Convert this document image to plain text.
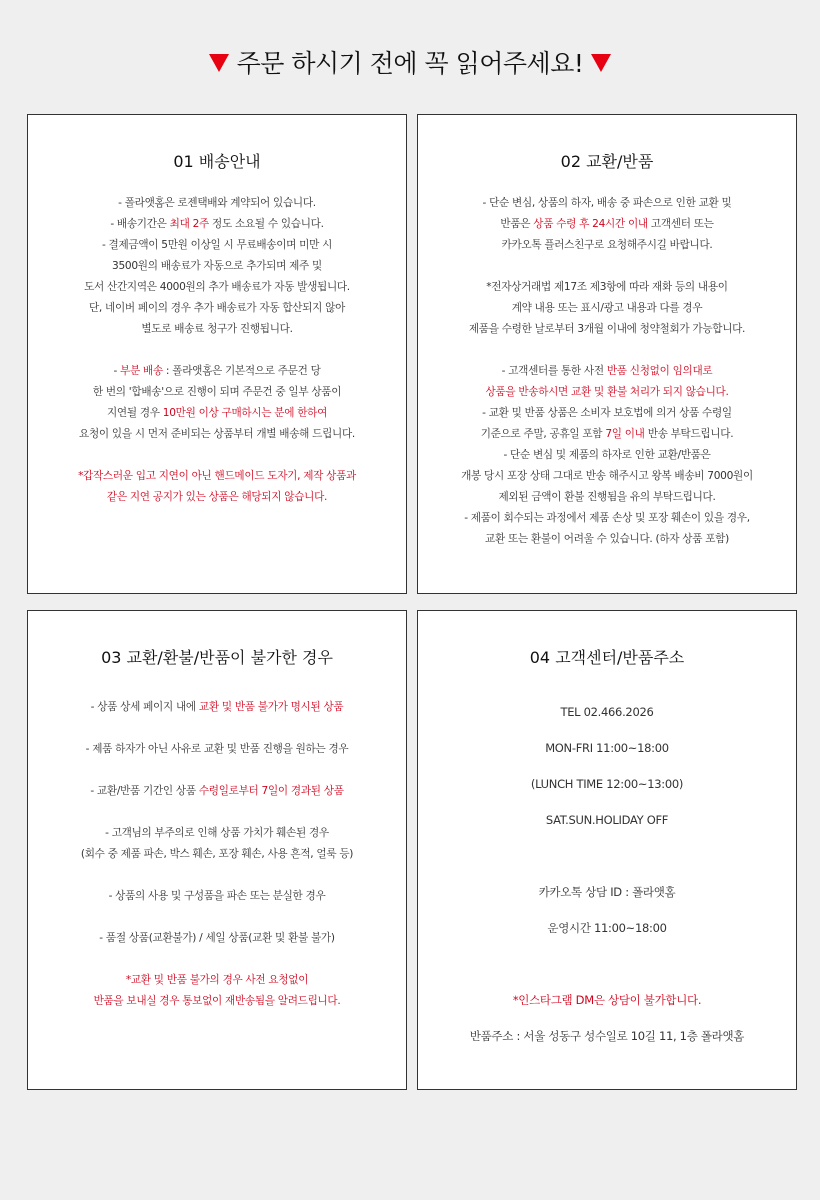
주문 하시기 전에 꼭 읽어주세요!
01 배송안내
- 폴라앳홈은 로젠택배와 계약되어 있습니다.
- 배송기간은 최대 2주 정도 소요될 수 있습니다.
- 결제금액이 5만원 이상일 시 무료배송이며 미만 시
3500원의 배송료가 자동으로 추가되며 제주 및
도서 산간지역은 4000원의 추가 배송료가 자동 발생됩니다.
단, 네이버 페이의 경우 추가 배송료가 자동 합산되지 않아
별도로 배송료 청구가 진행됩니다.
- 부분 배송 : 폴라앳홈은 기본적으로 주문건 당
한 번의 '합배송'으로 진행이 되며 주문건 중 일부 상품이
지연될 경우 10만원 이상 구매하시는 분에 한하여
요청이 있을 시 먼저 준비되는 상품부터 개별 배송해 드립니다.
*갑작스러운 입고 지연이 아닌 핸드메이드 도자기, 제작 상품과
같은 지연 공지가 있는 상품은 해당되지 않습니다.
02 교환/반품
- 단순 변심, 상품의 하자, 배송 중 파손으로 인한 교환 및
반품은 상품 수령 후 24시간 이내 고객센터 또는
카카오톡 플러스친구로 요청해주시길 바랍니다.
*전자상거래법 제17조 제3항에 따라 재화 등의 내용이
계약 내용 또는 표시/광고 내용과 다를 경우
제품을 수령한 날로부터 3개월 이내에 청약철회가 가능합니다.
- 고객센터를 통한 사전 반품 신청없이 임의대로
상품을 반송하시면 교환 및 환불 처리가 되지 않습니다.
- 교환 및 반품 상품은 소비자 보호법에 의거 상품 수령일
기준으로 주말, 공휴일 포함 7일 이내 반송 부탁드립니다.
- 단순 변심 및 제품의 하자로 인한 교환/반품은
개봉 당시 포장 상태 그대로 반송 해주시고 왕복 배송비 7000원이
제외된 금액이 환불 진행됨을 유의 부탁드립니다.
- 제품이 회수되는 과정에서 제품 손상 및 포장 훼손이 있을 경우,
교환 또는 환불이 어려울 수 있습니다. (하자 상품 포함)
03 교환/환불/반품이 불가한 경우
- 상품 상세 페이지 내에 교환 및 반품 불가가 명시된 상품
- 제품 하자가 아닌 사유로 교환 및 반품 진행을 원하는 경우
- 교환/반품 기간인 상품 수령일로부터 7일이 경과된 상품
- 고객님의 부주의로 인해 상품 가치가 훼손된 경우
(회수 중 제품 파손, 박스 훼손, 포장 훼손, 사용 흔적, 얼룩 등)
- 상품의 사용 및 구성품을 파손 또는 분실한 경우
- 품절 상품(교환불가) / 세일 상품(교환 및 환불 불가)
*교환 및 반품 불가의 경우 사전 요청없이
반품을 보내실 경우 통보없이 재반송됨을 알려드립니다.
04 고객센터/반품주소
TEL 02.466.2026
MON-FRI 11:00~18:00
(LUNCH TIME 12:00~13:00)
SAT.SUN.HOLIDAY OFF
카카오톡 상담 ID : 폴라앳홈
운영시간 11:00~18:00
*인스타그램 DM은 상담이 불가합니다.
반품주소 : 서울 성동구 성수일로 10길 11, 1층 폴라앳홈
